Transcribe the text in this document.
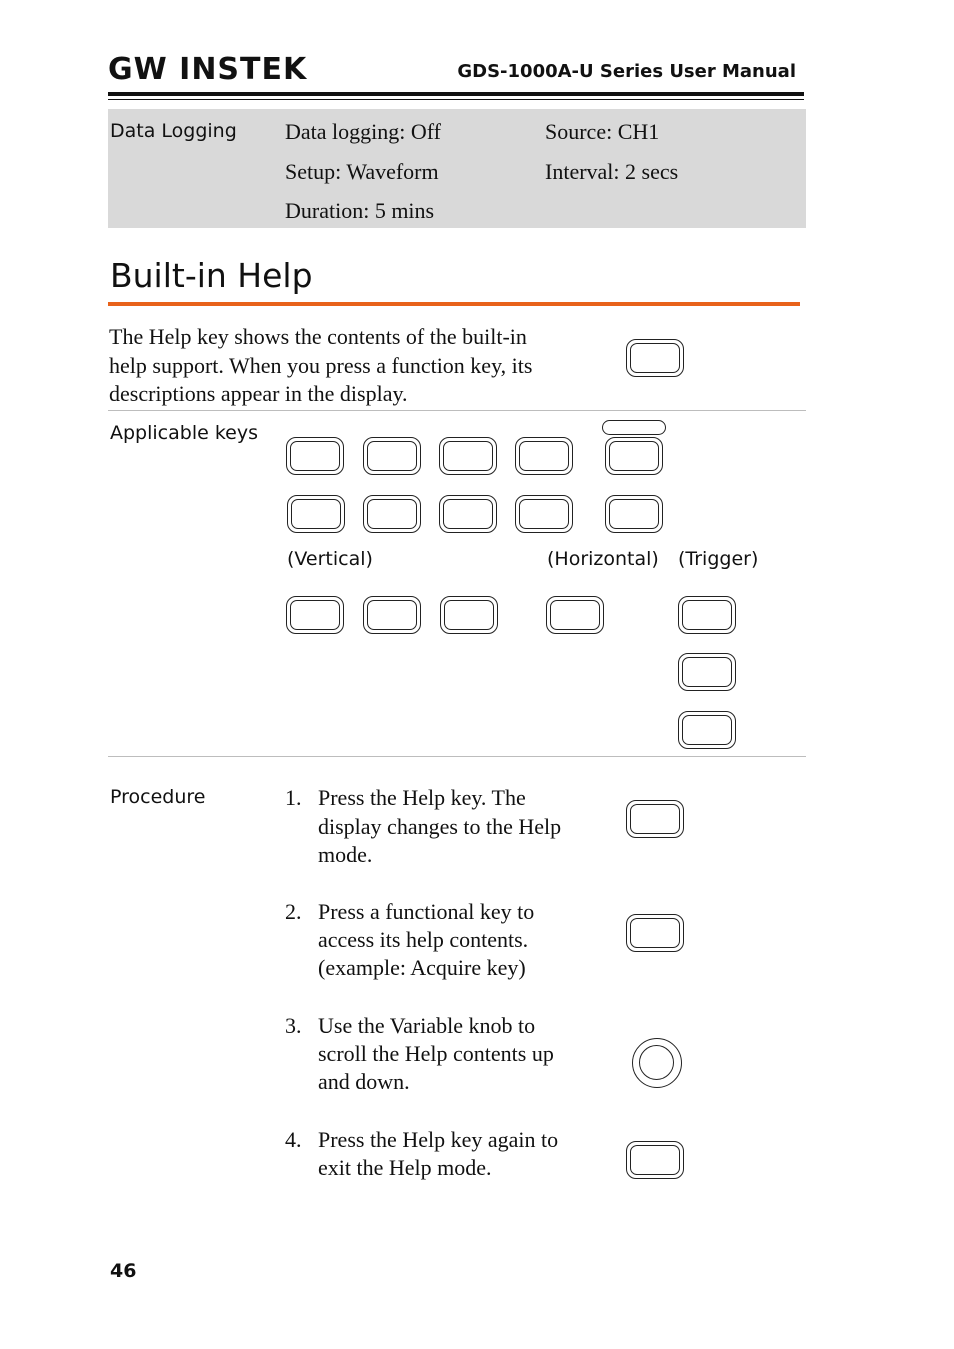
GW INSTEK	GDS-1000A-U Series User Manual
Data Logging Data logging: Off	Source: CH1
Setup: Waveform	Interval: 2 secs
Duration: 5 mins
Built-in Help
The Help key shows the contents of the built-in
help support. When you press a function key, its
descriptions appear in the display.
Applicable keys
(Vertical)	(Horizontal) (Trigger)
Procedure	1. Press the Help key. The
display changes to the Help
mode.
2. Press a functional key to
access its help contents.
(example: Acquire key)
3. Use the Variable knob to
scroll the Help contents up
and down.
4. Press the Help key again to
exit the Help mode.
46
